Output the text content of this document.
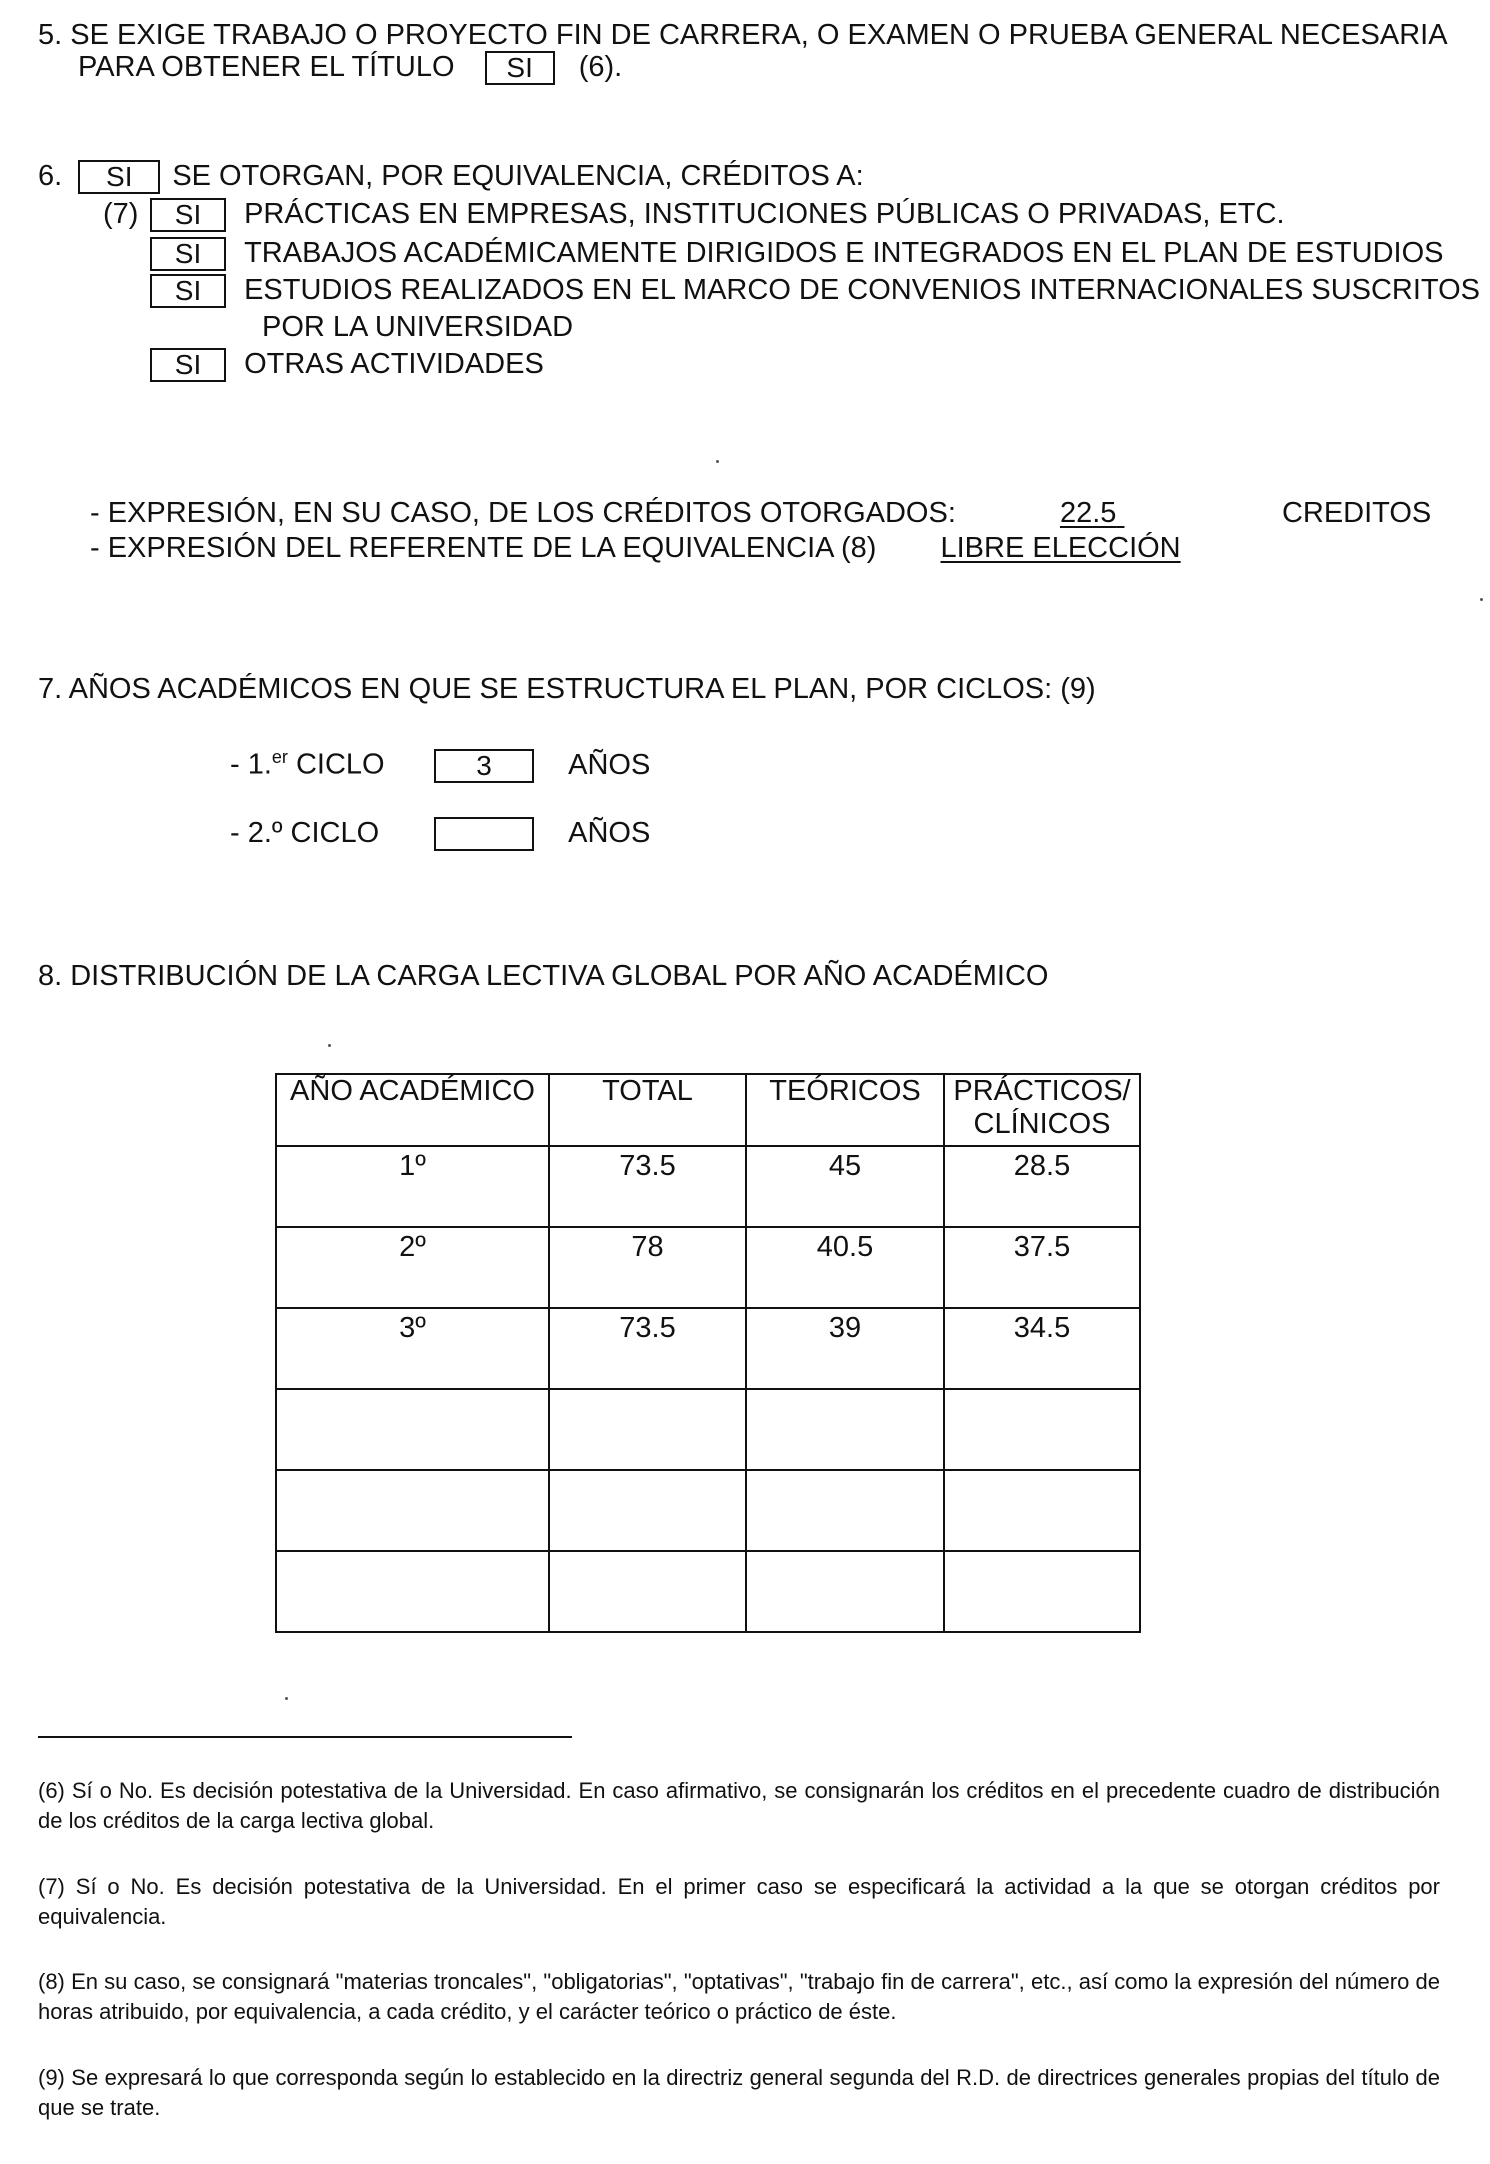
5. SE EXIGE TRABAJO O PROYECTO FIN DE CARRERA, O EXAMEN O PRUEBA GENERAL NECESARIA
PARA OBTENER EL TÍTULO SI (6).
6. SI SE OTORGAN, POR EQUIVALENCIA, CRÉDITOS A:
(7)	SI PRÁCTICAS EN EMPRESAS, INSTITUCIONES PÚBLICAS O PRIVADAS, ETC.
SI TRABAJOS ACADÉMICAMENTE DIRIGIDOS E INTEGRADOS EN EL PLAN DE ESTUDIOS
SI ESTUDIOS REALIZADOS EN EL MARCO DE CONVENIOS INTERNACIONALES SUSCRITOS
POR LA UNIVERSIDAD
SI OTRAS ACTIVIDADES
- EXPRESIÓN, EN SU CASO, DE LOS CRÉDITOS OTORGADOS:	22.5	CREDITOS
- EXPRESIÓN DEL REFERENTE DE LA EQUIVALENCIA (8) LIBRE ELECCIÓN
7. AÑOS ACADÉMICOS EN QUE SE ESTRUCTURA EL PLAN, POR CICLOS: (9)
- 1.$^{er}$ CICLO	3	AÑOS
- 2.º CICLO	AÑOS
8. DISTRIBUCIÓN DE LA CARGA LECTIVA GLOBAL POR AÑO ACADÉMICO
AÑO ACADÉMICO	TOTAL	TEÓRICOS	PRÁCTICOS/
CLÍNICOS
1º	73.5	45	28.5
2º	78	40.5	37.5
3º	73.5	39	34.5

(6) Sí o No. Es decisión potestativa de la Universidad. En caso afirmativo, se consignarán los créditos en el precedente cuadro de distribución de los créditos de la carga lectiva global.
(7) Sí o No. Es decisión potestativa de la Universidad. En el primer caso se especificará la actividad a la que se otorgan créditos por equivalencia.
(8) En su caso, se consignará "materias troncales", "obligatorias", "optativas", "trabajo fin de carrera", etc., así como la expresión del número de horas atribuido, por equivalencia, a cada crédito, y el carácter teórico o práctico de éste.
(9) Se expresará lo que corresponda según lo establecido en la directriz general segunda del R.D. de directrices generales propias del título de que se trate.
